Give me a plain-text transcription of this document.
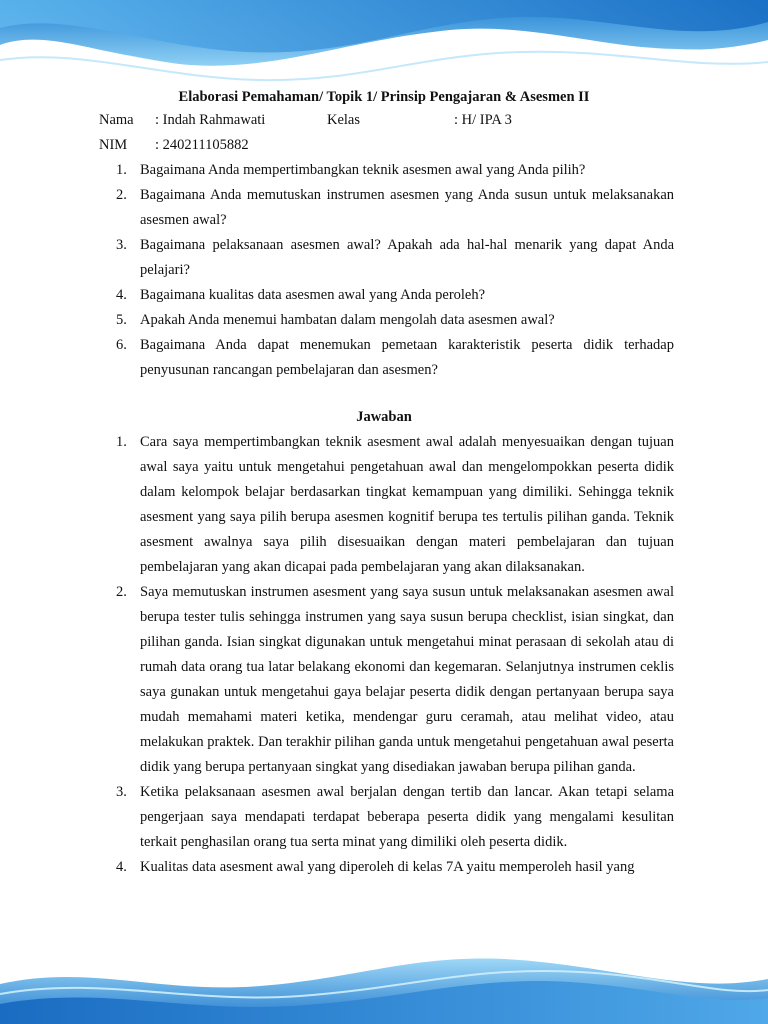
Elaborasi Pemahaman/ Topik 1/ Prinsip Pengajaran & Asesmen II

Nama : Indah Rahmawati	Kelas	: H/ IPA 3
NIM : 240211105882
1. Bagaimana Anda mempertimbangkan teknik asesmen awal yang Anda pilih?
2. Bagaimana Anda memutuskan instrumen asesmen yang Anda susun untuk melaksanakan asesmen awal?
3. Bagaimana pelaksanaan asesmen awal? Apakah ada hal-hal menarik yang dapat Anda pelajari?
4. Bagaimana kualitas data asesmen awal yang Anda peroleh?
5. Apakah Anda menemui hambatan dalam mengolah data asesmen awal?
6. Bagaimana Anda dapat menemukan pemetaan karakteristik peserta didik terhadap penyusunan rancangan pembelajaran dan asesmen?
Jawaban
1. Cara saya mempertimbangkan teknik asesment awal adalah menyesuaikan dengan tujuan awal saya yaitu untuk mengetahui pengetahuan awal dan mengelompokkan peserta didik dalam kelompok belajar berdasarkan tingkat kemampuan yang dimiliki. Sehingga teknik asesment yang saya pilih berupa asesmen kognitif berupa tes tertulis pilihan ganda. Teknik asesment awalnya saya pilih disesuaikan dengan materi pembelajaran dan tujuan pembelajaran yang akan dicapai pada pembelajaran yang akan dilaksanakan.
2. Saya memutuskan instrumen asesment yang saya susun untuk melaksanakan asesmen awal berupa tester tulis sehingga instrumen yang saya susun berupa checklist, isian singkat, dan pilihan ganda. Isian singkat digunakan untuk mengetahui minat perasaan di sekolah atau di rumah data orang tua latar belakang ekonomi dan kegemaran. Selanjutnya instrumen ceklis saya gunakan untuk mengetahui gaya belajar peserta didik dengan pertanyaan berupa saya mudah memahami materi ketika, mendengar guru ceramah, atau melihat video, atau melakukan praktek. Dan terakhir pilihan ganda untuk mengetahui pengetahuan awal peserta didik yang berupa pertanyaan singkat yang disediakan jawaban berupa pilihan ganda.
3. Ketika pelaksanaan asesmen awal berjalan dengan tertib dan lancar. Akan tetapi selama pengerjaan saya mendapati terdapat beberapa peserta didik yang mengalami kesulitan terkait penghasilan orang tua serta minat yang dimiliki oleh peserta didik.
4. Kualitas data asesment awal yang diperoleh di kelas 7A yaitu memperoleh hasil yang
